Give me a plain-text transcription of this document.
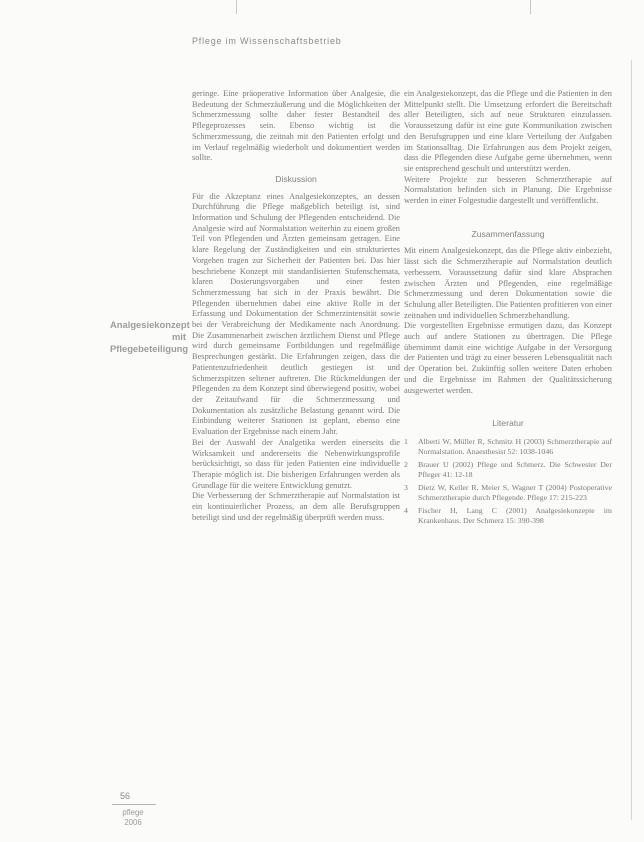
Pflege im Wissenschaftsbetrieb

geringe. Eine präoperative Information über Analgesie, die Bedeutung der Schmerzäußerung und die Möglichkeiten der Schmerzmessung sollte daher fester Bestandteil des Pflegeprozesses sein. Ebenso wichtig ist die Schmerzmessung, die zeitnah mit den Patienten erfolgt und im Verlauf regelmäßig wiederholt und dokumentiert werden sollte.

Diskussion

Für die Akzeptanz eines Analgesiekonzeptes, an dessen Durchführung die Pflege maßgeblich beteiligt ist, sind Information und Schulung der Pflegenden entscheidend. Die Analgesie wird auf Normalstation weiterhin zu einem großen Teil von Pflegenden und Ärzten gemeinsam getragen. Eine klare Regelung der Zuständigkeiten und ein strukturiertes Vorgehen tragen zur Sicherheit der Patienten bei. Das hier beschriebene Konzept mit standardisierten Stufenschemata, klaren Dosierungsvorgaben und einer festen Schmerzmessung hat sich in der Praxis bewährt. Die Pflegenden übernehmen dabei eine aktive Rolle in der Erfassung und Dokumentation der Schmerzintensität sowie bei der Verabreichung der Medikamente nach Anordnung. Die Zusammenarbeit zwischen ärztlichem Dienst und Pflege wird durch gemeinsame Fortbildungen und regelmäßige Besprechungen gestärkt. Die Erfahrungen zeigen, dass die Patientenzufriedenheit deutlich gestiegen ist und Schmerzspitzen seltener auftreten. Die Rückmeldungen der Pflegenden zu dem Konzept sind überwiegend positiv, wobei der Zeitaufwand für die Schmerzmessung und Dokumentation als zusätzliche Belastung genannt wird. Die Einbindung weiterer Stationen ist geplant, ebenso eine Evaluation der Ergebnisse nach einem Jahr.

Bei der Auswahl der Analgetika werden einerseits die Wirksamkeit und andererseits die Nebenwirkungsprofile berücksichtigt, so dass für jeden Patienten eine individuelle Therapie möglich ist. Die bisherigen Erfahrungen werden als Grundlage für die weitere Entwicklung genutzt.

Die Verbesserung der Schmerztherapie auf Normalstation ist ein kontinuierlicher Prozess, an dem alle Berufsgruppen beteiligt sind und der regelmäßig überprüft werden muss.

Analgesiekonzept mit Pflegebeteiligung

ein Analgesiekonzept, das die Pflege und die Patienten in den Mittelpunkt stellt. Die Umsetzung erfordert die Bereitschaft aller Beteiligten, sich auf neue Strukturen einzulassen. Voraussetzung dafür ist eine gute Kommunikation zwischen den Berufsgruppen und eine klare Verteilung der Aufgaben im Stationsalltag. Die Erfahrungen aus dem Projekt zeigen, dass die Pflegenden diese Aufgabe gerne übernehmen, wenn sie entsprechend geschult und unterstützt werden.

Weitere Projekte zur besseren Schmerztherapie auf Normalstation befinden sich in Planung. Die Ergebnisse werden in einer Folgestudie dargestellt und veröffentlicht.

Zusammenfassung

Mit einem Analgesiekonzept, das die Pflege aktiv einbezieht, lässt sich die Schmerztherapie auf Normalstation deutlich verbessern. Voraussetzung dafür sind klare Absprachen zwischen Ärzten und Pflegenden, eine regelmäßige Schmerzmessung und deren Dokumentation sowie die Schulung aller Beteiligten. Die Patienten profitieren von einer zeitnahen und individuellen Schmerzbehandlung.

Die vorgestellten Ergebnisse ermutigen dazu, das Konzept auch auf andere Stationen zu übertragen. Die Pflege übernimmt damit eine wichtige Aufgabe in der Versorgung der Patienten und trägt zu einer besseren Lebensqualität nach der Operation bei. Zukünftig sollen weitere Daten erhoben und die Ergebnisse im Rahmen der Qualitätssicherung ausgewertet werden.

Literatur
1 Alberti W, Müller R, Schmitz H (2003) Schmerztherapie auf Normalstation. Anaesthesist 52: 1038-1046
2 Brauer U (2002) Pflege und Schmerz. Die Schwester Der Pfleger 41: 12-18
3 Dietz W, Keller R, Meier S, Wagner T (2004) Postoperative Schmerztherapie durch Pflegende. Pflege 17: 215-223
4 Fischer H, Lang C (2001) Analgesiekonzepte im Krankenhaus. Der Schmerz 15: 390-398
56
pflege
2006
